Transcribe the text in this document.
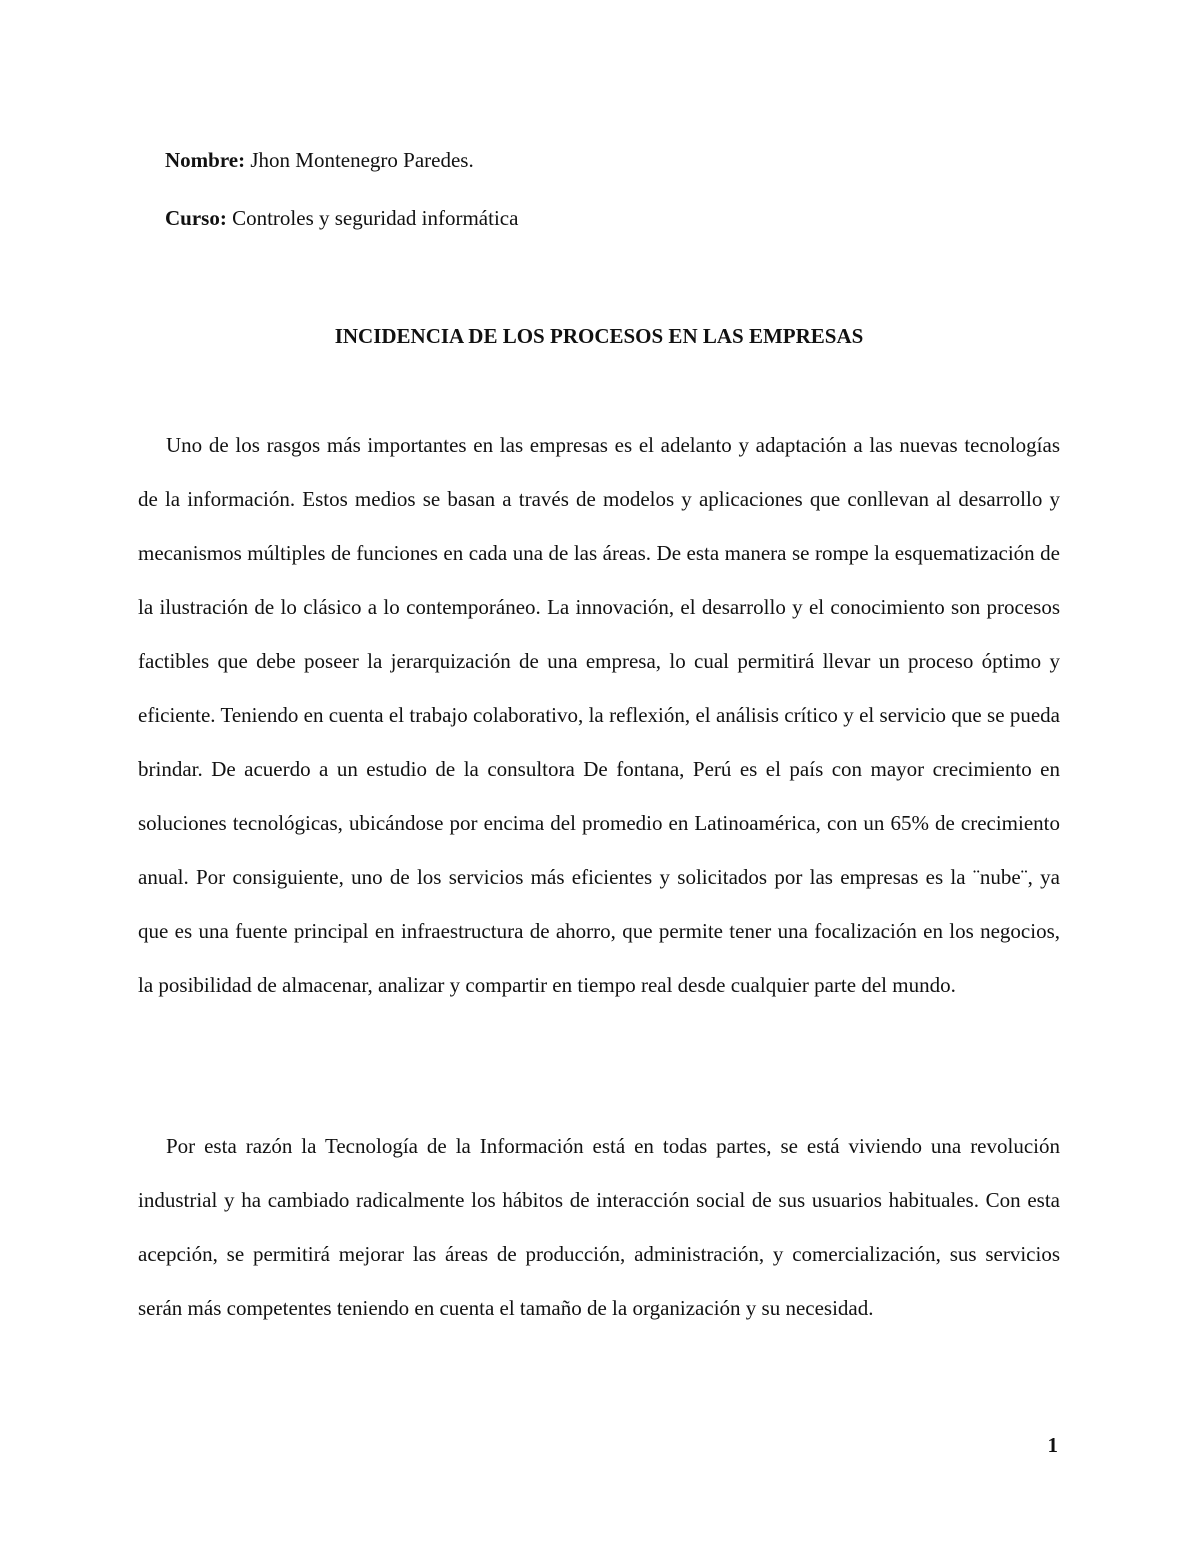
Nombre: Jhon Montenegro Paredes.
Curso: Controles y seguridad informática
INCIDENCIA DE LOS PROCESOS EN LAS EMPRESAS

Uno de los rasgos más importantes en las empresas es el adelanto y adaptación a las nuevas tecnologías de la información. Estos medios se basan a través de modelos y aplicaciones que conllevan al desarrollo y mecanismos múltiples de funciones en cada una de las áreas. De esta manera se rompe la esquematización de la ilustración de lo clásico a lo contemporáneo. La innovación, el desarrollo y el conocimiento son procesos factibles que debe poseer la jerarquización de una empresa, lo cual permitirá llevar un proceso óptimo y eficiente. Teniendo en cuenta el trabajo colaborativo, la reflexión, el análisis crítico y el servicio que se pueda brindar. De acuerdo a un estudio de la consultora De fontana, Perú es el país con mayor crecimiento en soluciones tecnológicas, ubicándose por encima del promedio en Latinoamérica, con un 65% de crecimiento anual. Por consiguiente, uno de los servicios más eficientes y solicitados por las empresas es la ¨nube¨, ya que es una fuente principal en infraestructura de ahorro, que permite tener una focalización en los negocios, la posibilidad de almacenar, analizar y compartir en tiempo real desde cualquier parte del mundo.

Por esta razón la Tecnología de la Información está en todas partes, se está viviendo una revolución industrial y ha cambiado radicalmente los hábitos de interacción social de sus usuarios habituales. Con esta acepción, se permitirá mejorar las áreas de producción, administración, y comercialización, sus servicios serán más competentes teniendo en cuenta el tamaño de la organización y su necesidad.

1
